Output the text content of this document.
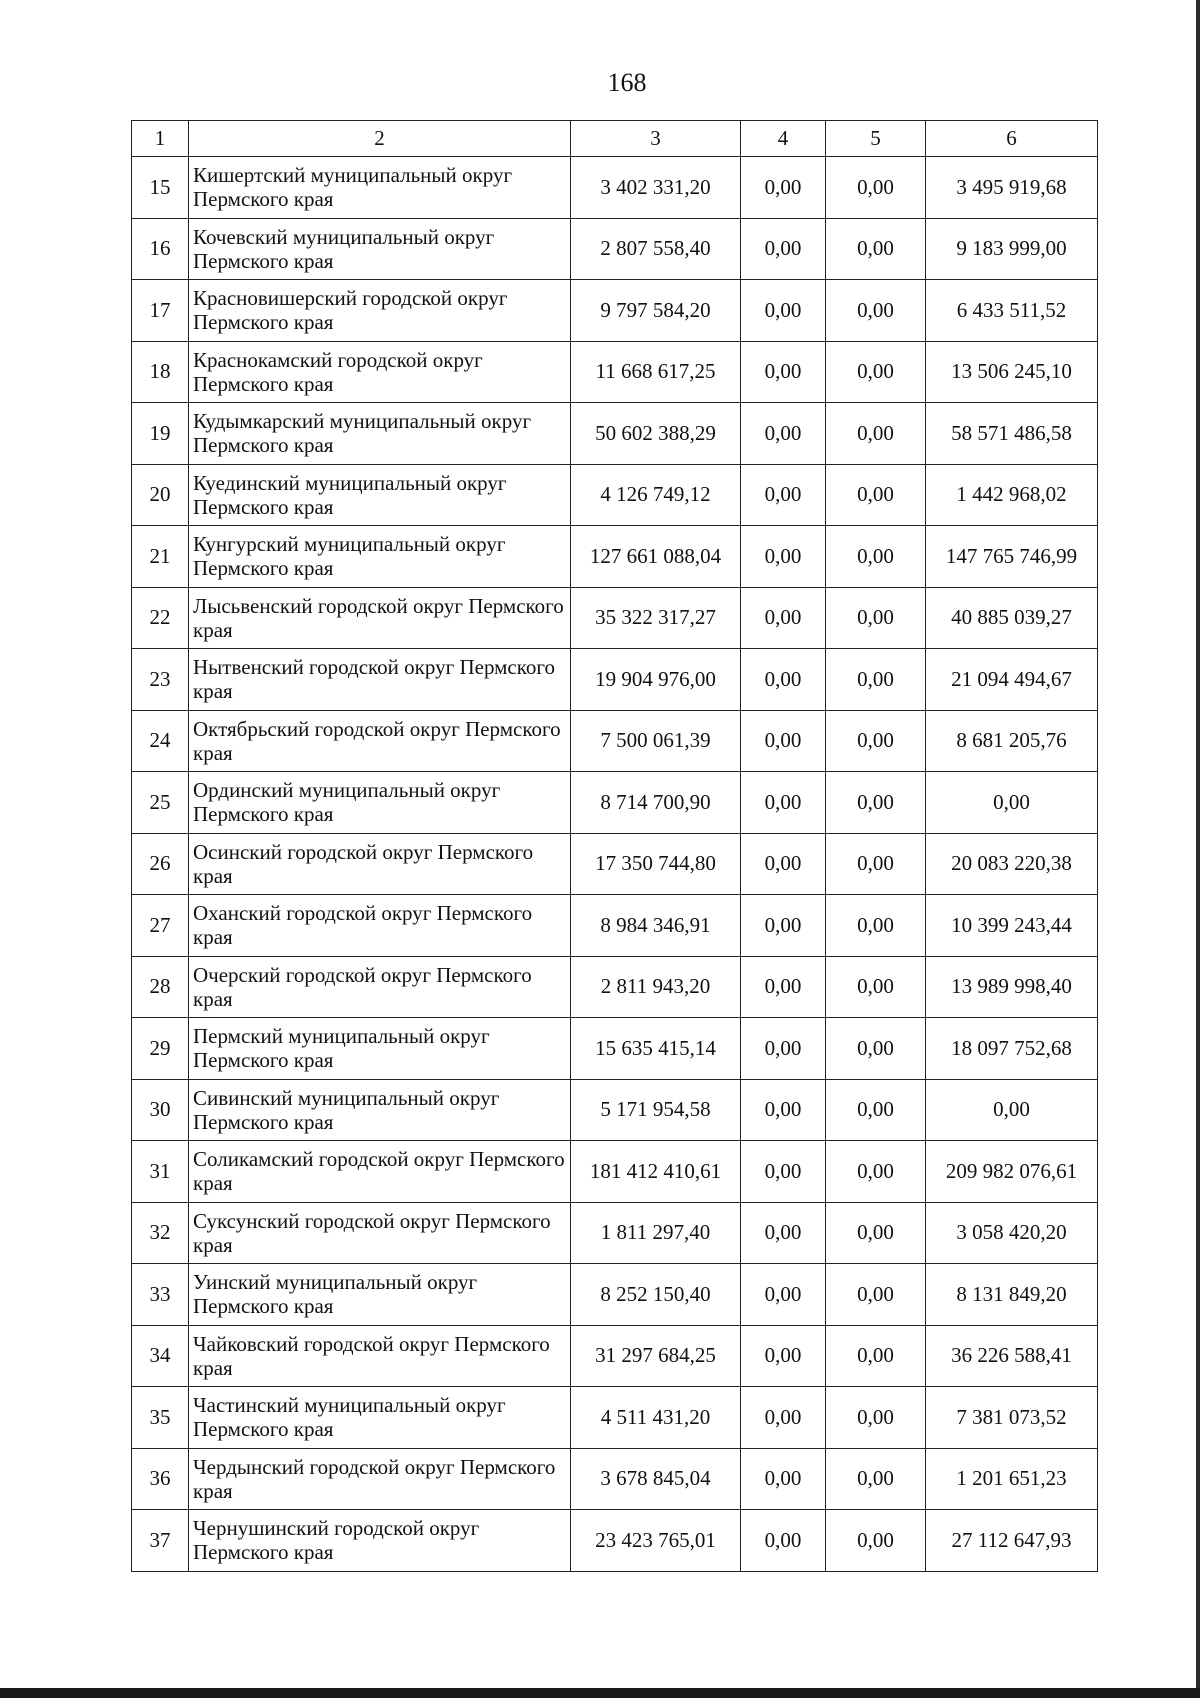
168
1	2	3	4	5	6
15	Кишертский муниципальный округ Пермского края	3 402 331,20	0,00	0,00	3 495 919,68
16	Кочевский муниципальный округ Пермского края	2 807 558,40	0,00	0,00	9 183 999,00
17	Красновишерский городской округ Пермского края	9 797 584,20	0,00	0,00	6 433 511,52
18	Краснокамский городской округ Пермского края	11 668 617,25	0,00	0,00	13 506 245,10
19	Кудымкарский муниципальный округ Пермского края	50 602 388,29	0,00	0,00	58 571 486,58
20	Куединский муниципальный округ Пермского края	4 126 749,12	0,00	0,00	1 442 968,02
21	Кунгурский муниципальный округ Пермского края	127 661 088,04	0,00	0,00	147 765 746,99
22	Лысьвенский городской округ Пермского края	35 322 317,27	0,00	0,00	40 885 039,27
23	Нытвенский городской округ Пермского края	19 904 976,00	0,00	0,00	21 094 494,67
24	Октябрьский городской округ Пермского края	7 500 061,39	0,00	0,00	8 681 205,76
25	Ординский муниципальный округ Пермского края	8 714 700,90	0,00	0,00	0,00
26	Осинский городской округ Пермского края	17 350 744,80	0,00	0,00	20 083 220,38
27	Оханский городской округ Пермского края	8 984 346,91	0,00	0,00	10 399 243,44
28	Очерский городской округ Пермского края	2 811 943,20	0,00	0,00	13 989 998,40
29	Пермский муниципальный округ Пермского края	15 635 415,14	0,00	0,00	18 097 752,68
30	Сивинский муниципальный округ Пермского края	5 171 954,58	0,00	0,00	0,00
31	Соликамский городской округ Пермского края	181 412 410,61	0,00	0,00	209 982 076,61
32	Суксунский городской округ Пермского края	1 811 297,40	0,00	0,00	3 058 420,20
33	Уинский муниципальный округ Пермского края	8 252 150,40	0,00	0,00	8 131 849,20
34	Чайковский городской округ Пермского края	31 297 684,25	0,00	0,00	36 226 588,41
35	Частинский муниципальный округ Пермского края	4 511 431,20	0,00	0,00	7 381 073,52
36	Чердынский городской округ Пермского края	3 678 845,04	0,00	0,00	1 201 651,23
37	Чернушинский городской округ Пермского края	23 423 765,01	0,00	0,00	27 112 647,93
